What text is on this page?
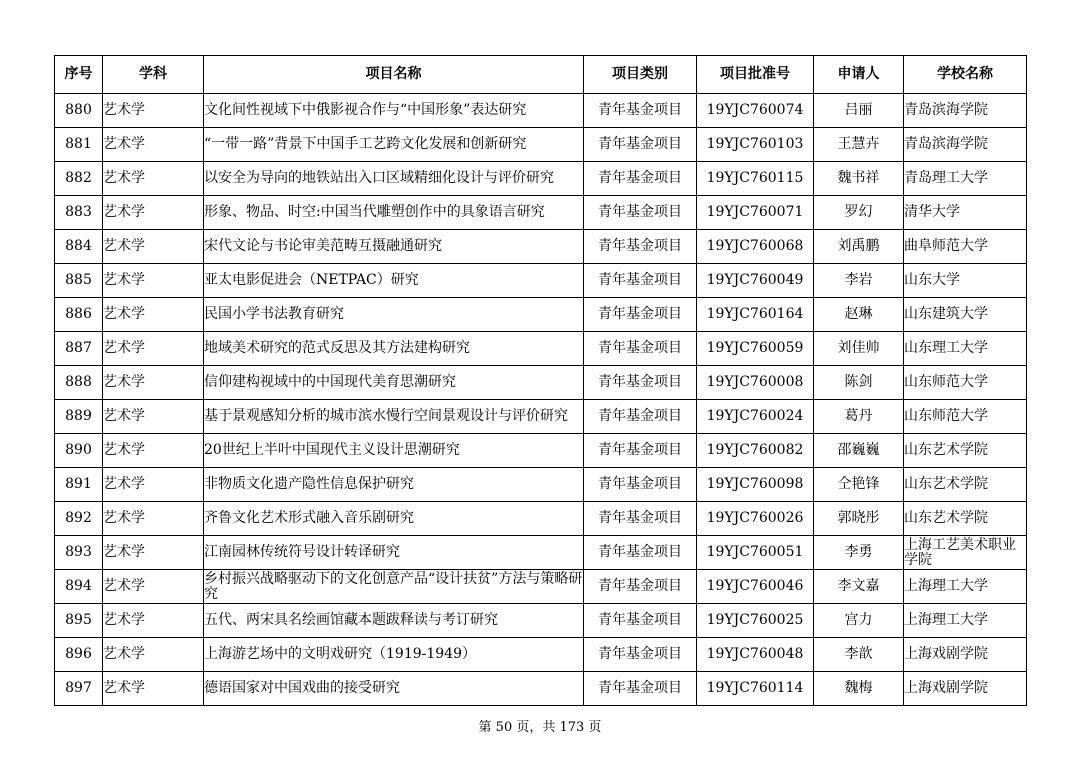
序号	学科	项目名称	项目类别	项目批准号	申请人	学校名称
880	艺术学	文化间性视域下中俄影视合作与“中国形象”表达研究	青年基金项目	19YJC760074	吕丽	青岛滨海学院
881	艺术学	“一带一路”背景下中国手工艺跨文化发展和创新研究	青年基金项目	19YJC760103	王慧卉	青岛滨海学院
882	艺术学	以安全为导向的地铁站出入口区域精细化设计与评价研究	青年基金项目	19YJC760115	魏书祥	青岛理工大学
883	艺术学	形象、物品、时空:中国当代雕塑创作中的具象语言研究	青年基金项目	19YJC760071	罗幻	清华大学
884	艺术学	宋代文论与书论审美范畴互摄融通研究	青年基金项目	19YJC760068	刘禹鹏	曲阜师范大学
885	艺术学	亚太电影促进会（NETPAC）研究	青年基金项目	19YJC760049	李岩	山东大学
886	艺术学	民国小学书法教育研究	青年基金项目	19YJC760164	赵琳	山东建筑大学
887	艺术学	地域美术研究的范式反思及其方法建构研究	青年基金项目	19YJC760059	刘佳帅	山东理工大学
888	艺术学	信仰建构视域中的中国现代美育思潮研究	青年基金项目	19YJC760008	陈剑	山东师范大学
889	艺术学	基于景观感知分析的城市滨水慢行空间景观设计与评价研究	青年基金项目	19YJC760024	葛丹	山东师范大学
890	艺术学	20世纪上半叶中国现代主义设计思潮研究	青年基金项目	19YJC760082	邵巍巍	山东艺术学院
891	艺术学	非物质文化遗产隐性信息保护研究	青年基金项目	19YJC760098	仝艳锋	山东艺术学院
892	艺术学	齐鲁文化艺术形式融入音乐剧研究	青年基金项目	19YJC760026	郭晓彤	山东艺术学院
893	艺术学	江南园林传统符号设计转译研究	青年基金项目	19YJC760051	李勇	上海工艺美术职业学院
894	艺术学	乡村振兴战略驱动下的文化创意产品“设计扶贫”方法与策略研究	青年基金项目	19YJC760046	李文嘉	上海理工大学
895	艺术学	五代、两宋具名绘画馆藏本题跋释读与考订研究	青年基金项目	19YJC760025	宫力	上海理工大学
896	艺术学	上海游艺场中的文明戏研究（1919-1949）	青年基金项目	19YJC760048	李歆	上海戏剧学院
897	艺术学	德语国家对中国戏曲的接受研究	青年基金项目	19YJC760114	魏梅	上海戏剧学院
第 50 页，共 173 页
